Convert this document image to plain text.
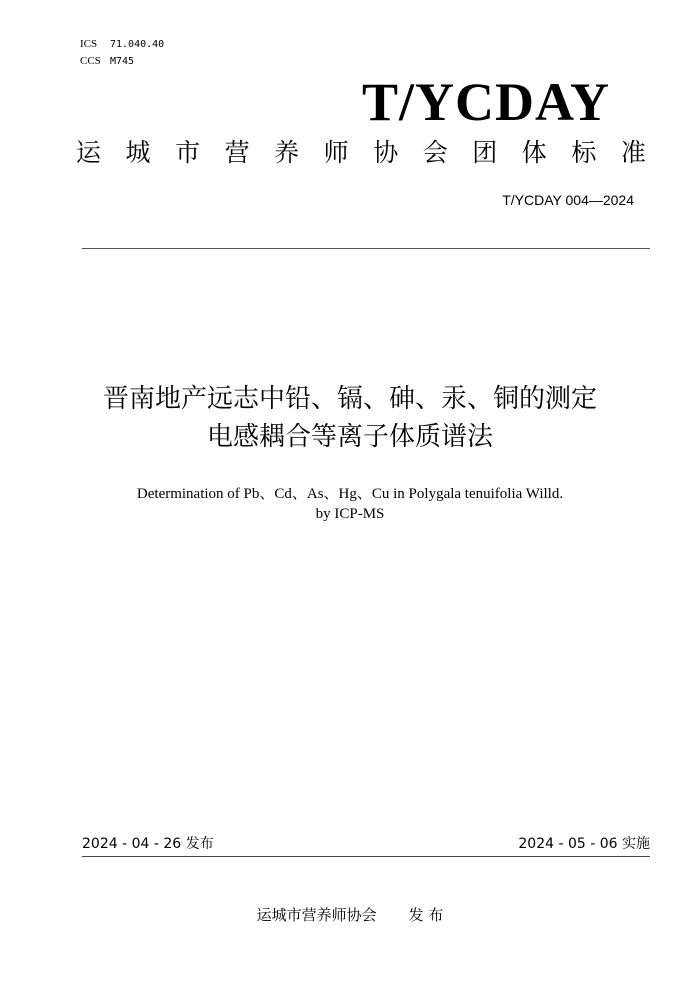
ICS 71.040.40
CCS M745
T/YCDAY
运 城 市 营 养 师 协 会 团 体 标 准
T/YCDAY 004—2024
晋南地产远志中铅、镉、砷、汞、铜的测定
电感耦合等离子体质谱法
Determination of Pb、Cd、As、Hg、Cu in Polygala tenuifolia Willd.
by ICP-MS
2024 - 04 - 26 发布	2024 - 05 - 06 实施
运城市营养师协会 发 布
